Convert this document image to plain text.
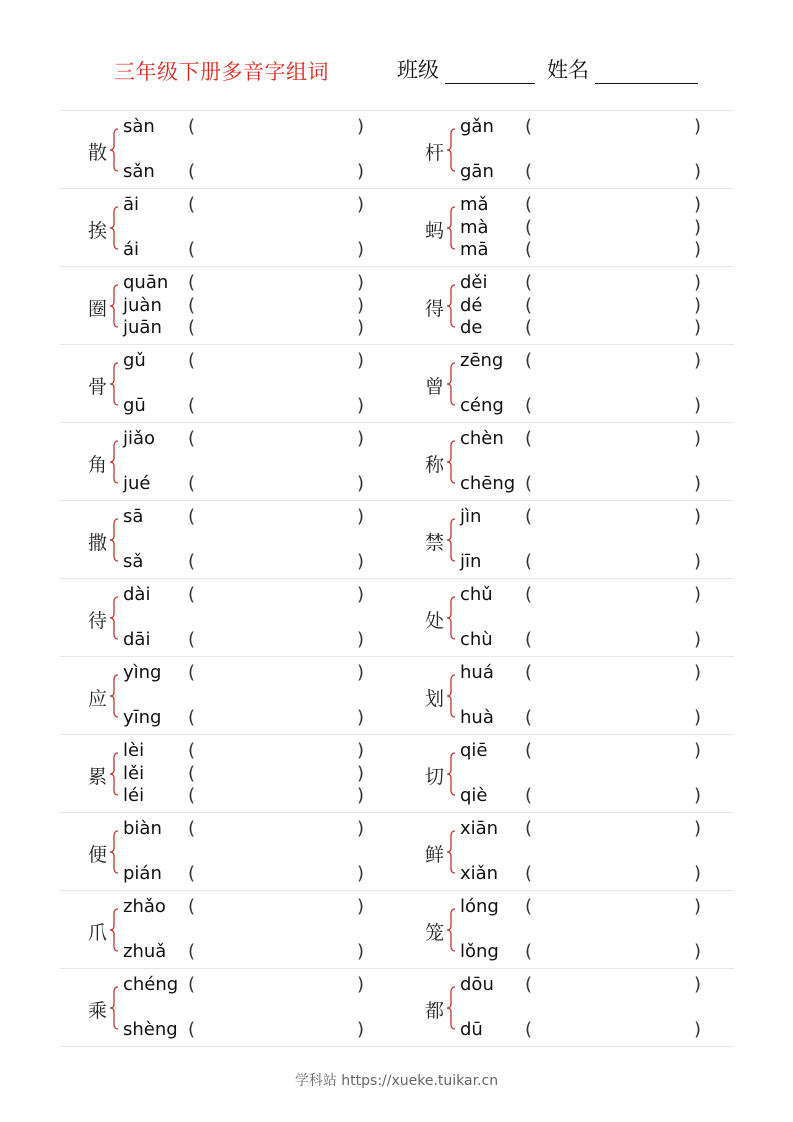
三年级下册多音字组词	班级	姓名
散
sàn (	)
sǎn (	)
杆
gǎn (	)
gān (	)
挨
āi	(	)
ái	(	)
蚂
mǎ (	)
mà (	)
mā (	)
圈
quān (	)
juàn (	)
juān (	)
得
děi (	)
dé (	)
de (	)
骨
gǔ (	)
gū (	)
曾
zēng (	)
céng (	)
角
jiǎo (	)
jué (	)
称
chèn (	)
chēng (	)
撒
sā (	)
sǎ (	)
禁
jìn (	)
jīn (	)
待
dài (	)
dāi (	)
处
chǔ (	)
chù (	)
应
yìng (	)
yīng (	)
划
huá (	)
huà (	)
累
lèi (	)
lěi (	)
léi (	)
切
qiē (	)
qiè (	)
便
biàn (	)
pián (	)
鲜
xiān (	)
xiǎn (	)
爪
zhǎo (	)
zhuǎ (	)
笼
lóng (	)
lǒng (	)
乘
chéng (	)
shèng (	)
都
dōu (	)
dū (	)
学科站 https://xueke.tuikar.cn
